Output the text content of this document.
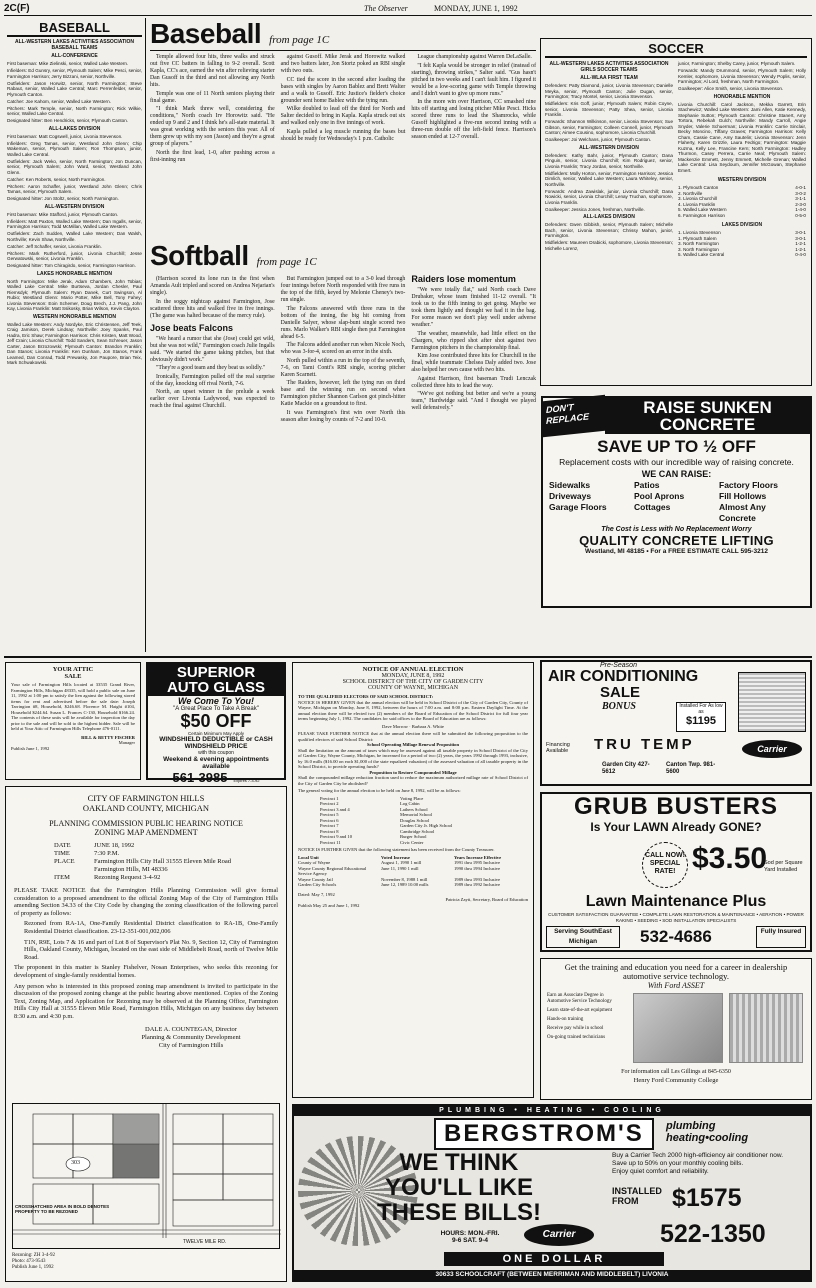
2C(F)	The Observer	MONDAY, JUNE 1, 1992
BASEBALL
ALL-WESTERN LAKES ACTIVITIES ASSOCIATION BASEBALL TEAMS
ALL-CONFERENCE
First baseman: Mike Zielinski, senior, Walled Lake Western.
Infielders: Ed Gunsry, senior, Plymouth Salem; Mike Pesci, senior, Farmington Harrison; Jerry Bizzani, senior, Northville.
Outfielders: Jason Horwitz, senior, North Farmington; Steve Rabaut, senior, Walled Lake Central; Marc Perrenfelder, senior, Plymouth Canton.
Catcher: Joe Kahom, senior, Walled Lake Western.
Pitchers: Mark Temple, senior, North Farmington; Rick Wilkie, senior, Walled Lake Central.
Designated hitter: Ben Hendricks, senior, Plymouth Canton.
ALL-LAKES DIVISION
First baseman: Matt Cogswell, junior, Livonia Stevenson.
Infielders: Greg Tamas, senior, Westland John Glenn; Chip Wakeman, senior, Plymouth Salem; Ron Thompson, junior, Walled Lake Central.
Outfielders: Jack Weko, senior, North Farmington; Jon Duncan, senior, Plymouth Salem; John Ward, senior, Westland John Glenn.
Catcher: Ken Roberts, senior, North Farmington.
Pitchers: Aaron Schaffer, junior, Westland John Glenn; Chris Tamas, senior, Plymouth Salem.
Designated hitter: Jon Stoltz, senior, North Farmington.
ALL-WESTERN DIVISION
First baseman: Mike Stafford, junior, Plymouth Canton.
Infielders: Matt Paxton, Walled Lake Western; Dan Ingalls, senior, Farmington Harrison; Todd McMillan, Walled Lake Western.
Outfielders: Zach Sudden, Walled Lake Western; Dan Walsh, Northville; Kevin Shaw, Northville.
Catcher: Jeff Schaffer, senior, Livonia Franklin.
Pitchers: Mark Rutherford, junior, Livonia Churchill; Jesse Gerwatowski, senior, Livonia Franklin.
Designated hitter: Tom Chiragirdo, senior, Farmington Harrison.
LAKES HONORABLE MENTION
North Farmington: Mike Jerak, Adam Chambers, John Tobias; Walled Lake Central: Mike Burtseva, Jordan Chesler, Paul Riemsdyk; Plymouth Salem: Ryan Danek, Curt Swingson, Al Rubio; Westland Glenn: Mario Potter, Mike Bell, Tony Fahey; Livonia Stevenson: Eoin Schemer, Doug Brech, J.J. Pang, John Kay, Livonia Franklin: Matt Ssikosky, Brian Wilson, Kevin Clayton.
WESTERN HONORABLE MENTION
Walled Lake Western: Andy Nordyke, Eric Christensen, Jeff Teek, Craig Jamison, Derek Lindsay; Northville: Joey Spanks, Paul Hadra, Eric Shaw; Farmington Harrison: Chris Kristen, Matt Wood, Jeff Crain; Livonia Churchill: Todd Sanders, Sean Schreuer, Jason Carter, Jason Brzozowski; Plymouth Canton: Brandon Franklin; Dan Stanos; Livonia Franklin: Ken Dunham, Jon Stanos, Frank Leamed, Dan Conrad, Todd Prewasky, Jon Paupore, Brian Teix, Mark Schwakowski.
Baseball from page 1C

Temple allowed four hits, three walks and struck out five CC batters in falling to 9-2 overall. Scott Kapla, CC's ace, earned the win after relieving starter Dan Gusoff in the third and not allowing any North hits.

Temple was one of 11 North seniors playing their final game.

"I think Mark threw well, considering the conditions," North coach Irv Horowitz said. "He ended up 9 and 2 and I think he's all-state material. It was great working with the seniors this year. All of them grew up with my son (Jason) and they're a great group of players."

North the first lead, 1-0, after pushing across a first-inning run

against Gusoff. Mike Jerak and Horowitz walked and two batters later, Jon Stortz poked an RBI single with two outs.

CC tied the score in the second after loading the bases with singles by Aaron Bablez and Brett Walter and a walk to Gusoff. Eric Justice's fielder's choice grounder sent home Bablez with the tying run.

Wilke doubled to lead off the third for North and Salter decided to bring in Kapla. Kapla struck out six and walked only one in five innings of work.

Kapla pulled a leg muscle running the bases but should be ready for Wednesday's 1 p.m. Catholic

League championship against Warren DeLaSalle.

"I felt Kapla would be stronger in relief (instead of starting), throwing strikes," Salter said. "Gus hasn't pitched in two weeks and I can't fault him. I figured it would be a low-scoring game with Temple throwing and I didn't want to give up more runs."

In the more win over Harrison, CC smashed nine hits off starting and losing pitcher Mike Pesci. Hicks scored three runs to lead the Shamrocks, while Gusoff highlighted a five-run second inning with a three-run double off the left-field fence. Harrison's season ended at 12-7 overall.

Softball from page 1C

(Harrison scored its lone run in the first when Amanda Ault tripled and scored on Andrea Nejarian's single).

In the soggy nightcap against Farmington, Jose scattered three hits and walked five in five innings. (The game was halted because of the mercy rule).

Jose beats Falcons

"We heard a rumor that she (Jose) could get wild, but she was not wild," Farmington coach Julie Ingalls said. "We started the game taking pitches, but that obviously didn't work."

"They're a good team and they beat us solidly."

Ironically, Farmington pulled off the real surprise of the day, knocking off rival North, 7-6.

North, an upset winner in the prelude a week earlier over Livonia Ladywood, was expected to reach the final against Churchill.

But Farmington jumped out to a 3-0 lead through four innings before North responded with five runs in the top of the fifth, keyed by Melonie Cheney's two-run single.

The Falcons answered with three runs in the bottom of the inning, the big hit coming from Danielle Salyer, whose slap-bunt single scored two runs. Marlo Walker's RBI single then put Farmington ahead 6-5.

The Falcons added another run when Nicole Noch, who was 3-for-4, scored on an error in the sixth.

North pulled within a run in the top of the seventh, 7-6, on Tami Conti's RBI single, scoring pitcher Karen Scarnett.

The Raiders, however, left the tying run on third base and the winning run on second when Farmington pitcher Shannon Carlson got pinch-hitter Katie Mackie on a groundout to first.

It was Farmington's first win over North this season after losing by counts of 7-2 and 10-0.

Raiders lose momentum

"We were totally flat," said North coach Dave Drubaker, whose team finished 11-12 overall. "It took us to the fifth inning to get going. Maybe we took them lightly and thought we had it in the bag. For some reason we don't play well under adverse weather."

The weather, meanwhile, had little effect on the Chargers, who ripped shot after shot against two Farmington pitchers in the championship final.

Kim Jose contributed three hits for Churchill in the final, while teammate Chelsea Daly added two. Jose also helped her own cause with two hits.

Against Harrison, first baseman Trudi Lenczak collected three hits to lead the way.

"We've got nothing but better and we're a young team," Hardwidge said. "And I thought we played well defensively."

SOCCER
ALL-WESTERN LAKES ACTIVITIES ASSOCIATION GIRLS SOCCER TEAMS
ALL-WLAA FIRST TEAM
Defenders: Patty Diamond, junior, Livonia Stevenson; Danielle Meyka, senior, Plymouth Canton; Julie Dugan, senior, Farmington; Tracy Montel, senior, Livonia Stevenson.
Midfielders: Kris Goff, junior, Plymouth Salem; Robin Coyne, senior, Livonia Stevenson; Patty Shea, senior, Livonia Franklin.
Forwards: Shannon Wilkinson, senior, Livonia Stevenson; Sue Gibson, senior, Farmington; Colleen Connell, junior, Plymouth Canton; Aimee Cousino, sophomore, Livonia Churchill.
Goalkeeper: Joi Welchans, junior, Plymouth Canton.
ALL-WESTERN DIVISION
Defenders: Kathy Bahr, junior, Plymouth Canton; Dana Pinguin, senior, Livonia Churchill; Kim Rodriguez, senior, Livonia Franklin; Tracy Jordan, senior, Northville.
Midfielders: Molly Horton, senior, Farmington Harrison; Jessica Dimlich, senior, Walled Lake Western; Laura Whiteley, senior, Northville.
Forwards: Andrea Zawislak, junior, Livonia Churchill; Dana Nowicki, senior, Livonia Churchill; Lenay Truchan, sophomore, Livonia Franklin.
Goalkeeper: Jessica Jones, freshman, Northville.
ALL-LAKES DIVISION
Defenders: Gwen Gibbish, senior, Plymouth Salem; Michelle Bach, senior, Livonia Stevenson; Chrissy Mahon, junior, Farmington.
Midfielders: Maureen Drabicki, sophomore, Livonia Stevenson; Michelle Lorenz,
junior, Farmington; Shelby Carey, junior, Plymouth Salem.
Forwards: Mandy Drummond, senior, Plymouth Salem; Holly Kemler, sophomore, Livonia Stevenson; Wendy Poplis, senior, Farmington; Al Lord, freshman, North Farmington.
Goalkeeper: Alice Smith, senior, Livonia Stevenson.
HONORABLE MENTION
Livonia Churchill: Carol Jackson, Mekka Garrett, Erin Stachewicz; Walled Lake Western: Jami Allen, Katie Kennedy, Stephanie Sutton; Plymouth Canton: Christine Stanert, Amy Tortora, Rebekah Gulch; Northville: Mandy Carroll, Angie Snyder, Valerie Schuerman; Livonia Franklin: Carrie Sinclair, Becky Moncino, Tiffany Graves; Farmington Harrison: Kelly Cham, Cassie Cane, Amy Sautelin; Livonia Stevenson: Jenn Flaherty, Karen Grizzle, Laura Fedrigo; Farmington: Maggie Kuzma, Kelly Lee, Francine Kern; North Farmington: Hadley Thurmon, Casey Perrera, Carrie Neal; Plymouth Salem: Mackenzie Emmett, Jenny Emmett, Michelle Grenan; Walled Lake Central: Lisa Seydoum, Jennifer McGowan, Stephanie Emert.
WESTERN DIVISION
1. Plymouth Canton	4-0-1
2. Northville	3-0-2
3. Livonia Churchill	3-1-1
4. Livonia Franklin	2-3-0
5. Walled Lake Western	1-4-0
6. Farmington Harrison	0-5-0
LAKES DIVISION
1. Livonia Stevenson	3-0-1
1. Plymouth Salem	3-0-1
3. North Farmington	1-2-1
3. North Farmington	1-2-1
5. Walled Lake Central	0-4-0
DON'T
REPLACE
RAISE SUNKEN
CONCRETE
SAVE UP TO ½ OFF
Replacement costs with our incredible way of raising concrete.
WE CAN RAISE:
Sidewalks	Patios	Factory Floors
Driveways	Pool Aprons	Fill Hollows
Garage Floors	Cottages	Almost Any Concrete
The Cost is Less with No Replacement Worry
QUALITY CONCRETE LIFTING
Westland, MI 48185 • For a FREE ESTIMATE CALL 595-3212
YOUR ATTIC SALE
Your sale of Farmington Hills located at 33535 Grand River, Farmington Hills, Michigan 48335, will hold a public sale on June 11, 1992 at 1:00 pm to satisfy the lien against the following stored items for rent and advertised before the sale date: Joseph Tarrington #8, Household, $246.68. Florence M. Haight #104, Household $244.64. Susan L. Frances C-130, Household $166.24. The contents of these units will be available for inspection the day prior to the sale and will be sold to the highest bidder. Sale will be held at Your Attic of Farmington Hills Telephone 476-0111.
BILL & BETTY FISCHER
Manager
Publish June 1, 1992
SUPERIOR
AUTO GLASS
We Come To You!
"A Great Place To Take A Break"
$50 OFF
Certain Minimum May Apply
WINDSHIELD DEDUCTIBLE or CASH WINDSHIELD PRICE
with this coupon
Weekend & evening appointments available
561-3985 Expires 7-4-92
CITY OF FARMINGTON HILLS
OAKLAND COUNTY, MICHIGAN
PLANNING COMMISSION PUBLIC HEARING NOTICE
ZONING MAP AMENDMENT
DATE	JUNE 18, 1992
TIME	7:30 P.M.
PLACE	Farmington Hills City Hall 31555 Eleven Mile Road Farmington Hills, MI 48336
ITEM	Rezoning Request 3-4-92
PLEASE TAKE NOTICE that the Farmington Hills Planning Commission will give formal consideration to a proposed amendment to the official Zoning Map of the City of Farmington Hills amending Section 34.33 of the City Code by changing the zoning classification of the following parcel of property as follows:
Rezoned from RA-1A, One-Family Residential District classification to RA-1B, One-Family Residential District classification. 23-12-351-001,002,006
T1N, R9E, Lots 7 & 16 and part of Lot 8 of Supervisor's Plat No. 9, Section 12, City of Farmington Hills, Oakland County, Michigan, located on the east side of Middlebelt Road, north of Twelve Mile Road.
The proponent in this matter is Stanley Fishelver, Nosan Enterprises, who seeks this rezoning for development of single-family residential homes.
Any person who is interested in this proposed zoning map amendment is invited to participate in the discussion of the proposed zoning change at the public hearing above mentioned. Copies of the Zoning Text, Zoning Map, and Application for Rezoning may be observed at the Planning Office, Farmington Hills City Hall at 31555 Eleven Mile Road, Farmington Hills, Michigan on any business day between 8:30 a.m. and 4:30 p.m.
DALE A. COUNTEGAN, Director
Planning & Community Development
City of Farmington Hills
303
CROSSHATCHED AREA IN BOLD DENOTES PROPERTY TO BE REZONED
TWELVE MILE RD.
Rezoning: ZH 3-4-92
Photo: 473-9543
Publish June 1, 1992
NOTICE OF ANNUAL ELECTION
MONDAY, JUNE 8, 1992
SCHOOL DISTRICT OF THE CITY OF GARDEN CITY
COUNTY OF WAYNE, MICHIGAN
TO THE QUALIFIED ELECTORS OF SAID SCHOOL DISTRICT:
NOTICE IS HEREBY GIVEN that the annual election will be held in School District of the City of Garden City, County of Wayne, Michigan on Monday, June 8, 1992, between the hours of 7:00 a.m. and 8:00 p.m. Eastern Daylight Time. At the annual election there will be elected two (2) members of the Board of Education of the School District for full four year terms beginning July 1, 1992. The candidates for said offices to the Board of Education are as follows:
Dave Morrow · Barbara A. White
PLEASE TAKE FURTHER NOTICE that at the annual election there will be submitted the following proposition to the qualified electors of said School District:
School Operating Millage Renewal Proposition
Shall the limitation on the amount of taxes which may be assessed against all taxable property in School District of the City of Garden City, Wayne County, Michigan, be increased for a period of two (2) years, the years 1992 through 1993, inclusive, by 16.0 mills ($16.00 on each $1,000 of the state equalized valuation) of the assessed valuation of all taxable property in the School District, to provide operating funds?
Proposition to Restore Compounded Millage
Shall the compounded millage reduction fraction used to reduce the maximum authorized millage rate of School District of the City of Garden City be abolished?
The general voting for the annual election to be held on June 8, 1992, will be as follows:
Precinct 1	Voting Place
Precinct 2	Log Cabin
Precinct 3 and 4	Lathers School
Precinct 5	Memorial School
Precinct 6	Douglas School
Precinct 7	Garden City Jr. High School
Precinct 8	Cambridge School
Precinct 9 and 10	Burger School
Precinct 11	Civic Center
NOTICE IS FURTHER GIVEN that the following statement has been received from the County Treasurer.
Local Unit	Voted Increase	Years Increase Effective
County of Wayne	August 1, 1990 1 mill	1991 thru 1995 Inclusive
Wayne County Regional Educational Service Agency
June 11, 1990 1 mill	1990 thru 1994 Inclusive
Wayne County Jail	November 8, 1988 1 mill	1989 thru 1993 Inclusive
Garden City Schools	June 12, 1989 10.00 mills	1989 thru 1992 Inclusive
Dated: May 7, 1992
Patricia Zayti, Secretary, Board of Education
Publish May 25 and June 1, 1992
Pre-Season
AIR CONDITIONING
SALE
BONUS	Installed For As low as
$1195
Financing Available	TRU TEMP	Carrier
Garden City 427-5612
Canton Twp. 981-5600
GRUB BUSTERS
Is Your LAWN Already GONE?
CALL NOW! SPECIAL RATE! $3.50
Sod per Square Yard Installed
Lawn Maintenance Plus
CUSTOMER SATISFACTION GUARANTEE • COMPLETE LAWN RESTORATION & MAINTENANCE • AERATION • POWER RAKING • SEEDING • SOD INSTALLATION SPECIALISTS
Serving SouthEast Michigan	532-4686	Fully Insured
Get the training and education you need for a career in dealership automotive service technology.
With Ford ASSET
Earn an Associate Degree in Automotive Service Technology
Learn state-of-the-art equipment
Hands-on training
Receive pay while in school
On-going trained technicians
For information call Les Gillings at 845-6350
Henry Ford Community College
PLUMBING • HEATING • COOLING
BERGSTROM'S	plumbing
heating•cooling
WE THINK
YOU'LL LIKE
THESE BILLS!
Buy a Carrier Tech 2000 high-efficiency air conditioner now.
Save up to 50% on your monthly cooling bills.
Enjoy quiet comfort and reliability.
INSTALLED FROM	$1575
HOURS: MON.-FRI. 9-6 SAT. 9-4
Carrier	522-1350
ONE DOLLAR
30633 SCHOOLCRAFT (BETWEEN MERRIMAN AND MIDDLEBELT) LIVONIA
